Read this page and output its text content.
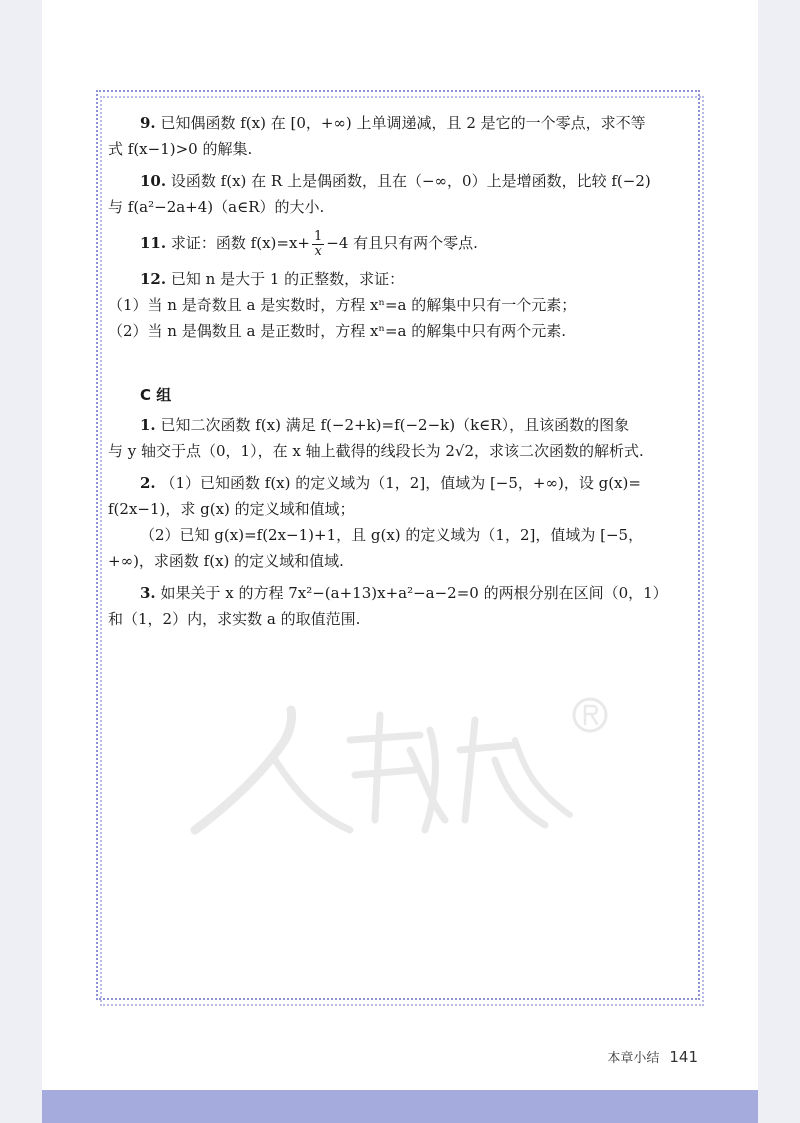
9. 已知偶函数 f(x) 在 [0，+∞) 上单调递减，且 2 是它的一个零点，求不等
式 f(x−1)>0 的解集.
10. 设函数 f(x) 在 R 上是偶函数，且在（−∞，0）上是增函数，比较 f(−2)
与 f(a²−2a+4)（a∈R）的大小.
11. 求证：函数 $f(x)=x+ \frac{1}{x} -4$ 有且只有两个零点.
12. 已知 n 是大于 1 的正整数，求证：
（1）当 n 是奇数且 a 是实数时，方程 xⁿ=a 的解集中只有一个元素；
（2）当 n 是偶数且 a 是正数时，方程 xⁿ=a 的解集中只有两个元素.
C 组
1. 已知二次函数 f(x) 满足 f(−2+k)=f(−2−k)（k∈R），且该函数的图象
与 y 轴交于点（0，1），在 x 轴上截得的线段长为 2√2，求该二次函数的解析式.
2. （1）已知函数 f(x) 的定义域为（1，2]，值域为 [−5，+∞)，设 g(x)=
f(2x−1)，求 g(x) 的定义域和值域；
（2）已知 g(x)=f(2x−1)+1，且 g(x) 的定义域为（1，2]，值域为 [−5，
+∞)，求函数 f(x) 的定义域和值域.
3. 如果关于 x 的方程 7x²−(a+13)x+a²−a−2=0 的两根分别在区间（0，1）
和（1，2）内，求实数 a 的取值范围.
本章小结 141
